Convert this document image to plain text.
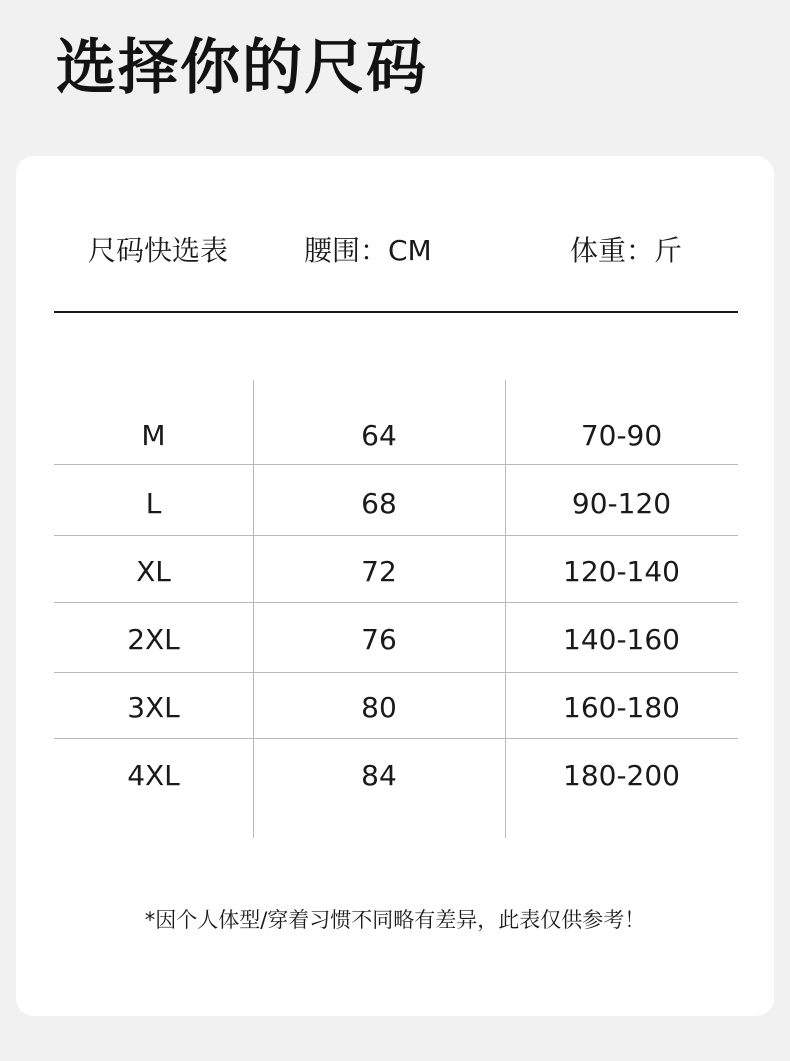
选择你的尺码
尺码快选表	腰围：CM	体重：斤
M	64	70-90
L	68	90-120
XL	72	120-140
2XL	76	140-160
3XL	80	160-180
4XL	84	180-200
*因个人体型/穿着习惯不同略有差异，此表仅供参考！
